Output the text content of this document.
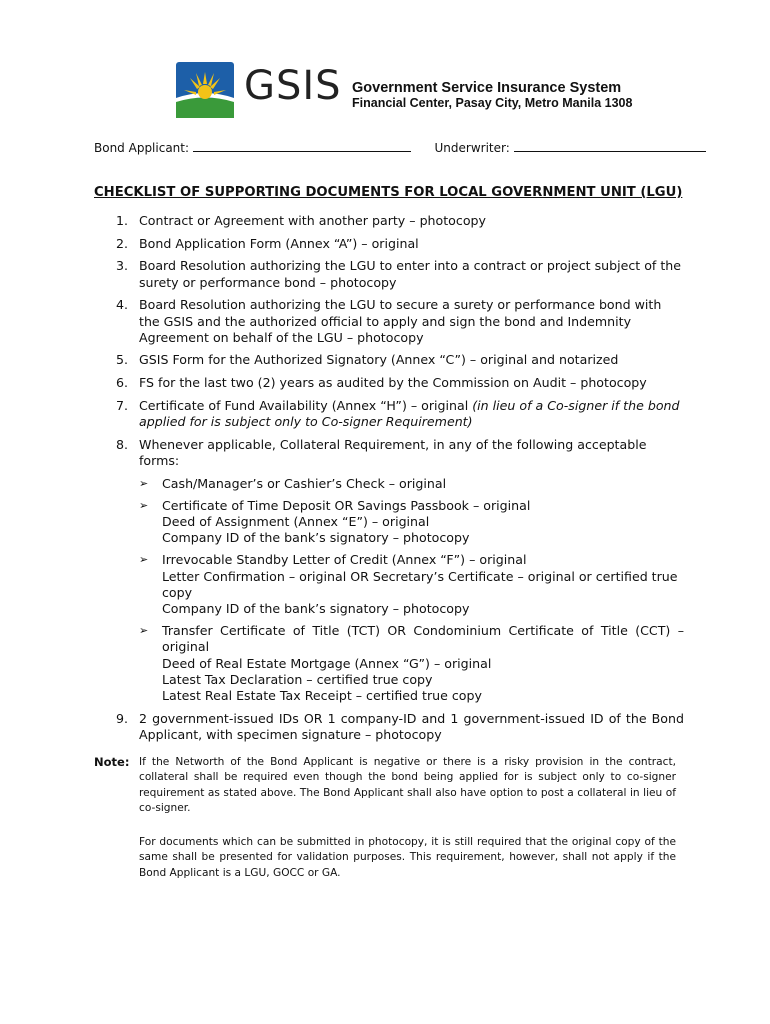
GSIS Government Service Insurance System
Financial Center, Pasay City, Metro Manila 1308
Bond Applicant:	Underwriter:
CHECKLIST OF SUPPORTING DOCUMENTS FOR LOCAL GOVERNMENT UNIT (LGU)
1. Contract or Agreement with another party – photocopy
2. Bond Application Form (Annex “A”) – original
3. Board Resolution authorizing the LGU to enter into a contract or project subject of the surety or performance bond – photocopy
4. Board Resolution authorizing the LGU to secure a surety or performance bond with the GSIS and the authorized official to apply and sign the bond and Indemnity Agreement on behalf of the LGU – photocopy
5. GSIS Form for the Authorized Signatory (Annex “C”) – original and notarized
6. FS for the last two (2) years as audited by the Commission on Audit – photocopy
7. Certificate of Fund Availability (Annex “H”) – original (in lieu of a Co-signer if the bond applied for is subject only to Co-signer Requirement)
8. Whenever applicable, Collateral Requirement, in any of the following acceptable forms:
➢ Cash/Manager’s or Cashier’s Check – original
➢ Certificate of Time Deposit OR Savings Passbook – original
Deed of Assignment (Annex “E”) – original
Company ID of the bank’s signatory – photocopy
➢ Irrevocable Standby Letter of Credit (Annex “F”) – original
Letter Confirmation – original OR Secretary’s Certificate – original or certified true copy
Company ID of the bank’s signatory – photocopy
➢ Transfer Certificate of Title (TCT) OR Condominium Certificate of Title (CCT) – original
Deed of Real Estate Mortgage (Annex “G”) – original
Latest Tax Declaration – certified true copy
Latest Real Estate Tax Receipt – certified true copy
9. 2 government-issued IDs OR 1 company-ID and 1 government-issued ID of the Bond Applicant, with specimen signature – photocopy
Note: If the Networth of the Bond Applicant is negative or there is a risky provision in the contract, collateral shall be required even though the bond being applied for is subject only to co-signer requirement as stated above. The Bond Applicant shall also have option to post a collateral in lieu of co-signer.
For documents which can be submitted in photocopy, it is still required that the original copy of the same shall be presented for validation purposes. This requirement, however, shall not apply if the Bond Applicant is a LGU, GOCC or GA.
